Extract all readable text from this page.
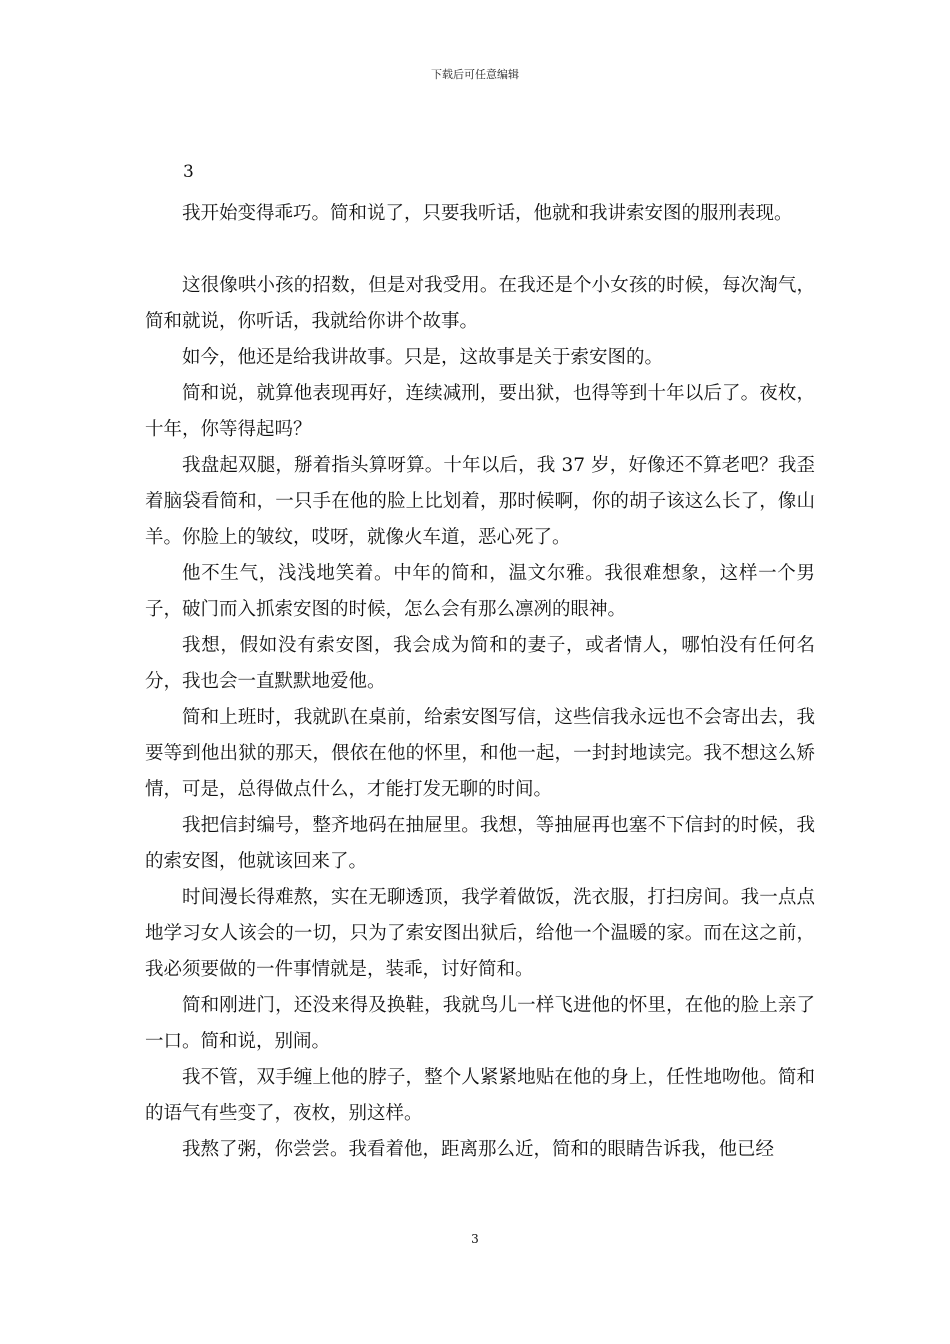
下载后可任意编辑
3

我开始变得乖巧。简和说了，只要我听话，他就和我讲索安图的服刑表现。

这很像哄小孩的招数，但是对我受用。在我还是个小女孩的时候，每次淘气，简和就说，你听话，我就给你讲个故事。

如今，他还是给我讲故事。只是，这故事是关于索安图的。

简和说，就算他表现再好，连续减刑，要出狱，也得等到十年以后了。夜枚，十年，你等得起吗？

我盘起双腿，掰着指头算呀算。十年以后，我 37 岁，好像还不算老吧？我歪着脑袋看简和，一只手在他的脸上比划着，那时候啊，你的胡子该这么长了，像山羊。你脸上的皱纹，哎呀，就像火车道，恶心死了。

他不生气，浅浅地笑着。中年的简和，温文尔雅。我很难想象，这样一个男子，破门而入抓索安图的时候，怎么会有那么凛冽的眼神。

我想，假如没有索安图，我会成为简和的妻子，或者情人，哪怕没有任何名分，我也会一直默默地爱他。

简和上班时，我就趴在桌前，给索安图写信，这些信我永远也不会寄出去，我要等到他出狱的那天，偎依在他的怀里，和他一起，一封封地读完。我不想这么矫情，可是，总得做点什么，才能打发无聊的时间。

我把信封编号，整齐地码在抽屉里。我想，等抽屉再也塞不下信封的时候，我的索安图，他就该回来了。

时间漫长得难熬，实在无聊透顶，我学着做饭，洗衣服，打扫房间。我一点点地学习女人该会的一切，只为了索安图出狱后，给他一个温暖的家。而在这之前，我必须要做的一件事情就是，装乖，讨好简和。

简和刚进门，还没来得及换鞋，我就鸟儿一样飞进他的怀里，在他的脸上亲了一口。简和说，别闹。

我不管，双手缠上他的脖子，整个人紧紧地贴在他的身上，任性地吻他。简和的语气有些变了，夜枚，别这样。

我熬了粥，你尝尝。我看着他，距离那么近，简和的眼睛告诉我，他已经

3
